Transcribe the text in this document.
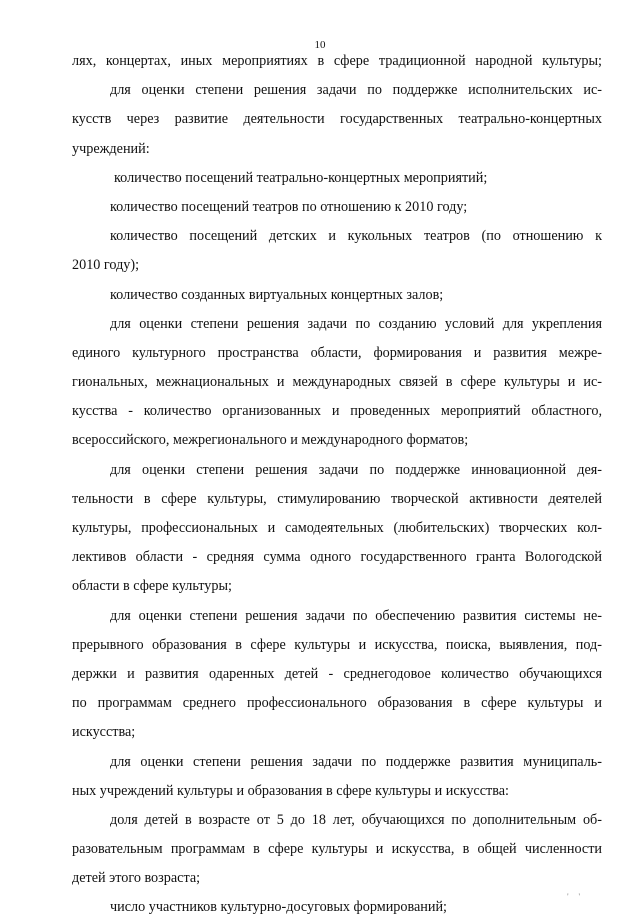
10
лях, концертах, иных мероприятиях в сфере традиционной народной культуры;
для оценки степени решения задачи по поддержке исполнительских ис-
кусств через развитие деятельности государственных театрально-концертных
учреждений:
количество посещений театрально-концертных мероприятий;
количество посещений театров по отношению к 2010 году;
количество посещений детских и кукольных театров (по отношению к
2010 году);
количество созданных виртуальных концертных залов;
для оценки степени решения задачи по созданию условий для укрепления
единого культурного пространства области, формирования и развития межре-
гиональных, межнациональных и международных связей в сфере культуры и ис-
кусства - количество организованных и проведенных мероприятий областного,
всероссийского, межрегионального и международного форматов;
для оценки степени решения задачи по поддержке инновационной дея-
тельности в сфере культуры, стимулированию творческой активности деятелей
культуры, профессиональных и самодеятельных (любительских) творческих кол-
лективов области - средняя сумма одного государственного гранта Вологодской
области в сфере культуры;
для оценки степени решения задачи по обеспечению развития системы не-
прерывного образования в сфере культуры и искусства, поиска, выявления, под-
держки и развития одаренных детей - среднегодовое количество обучающихся
по программам среднего профессионального образования в сфере культуры и
искусства;
для оценки степени решения задачи по поддержке развития муниципаль-
ных учреждений культуры и образования в сфере культуры и искусства:
доля детей в возрасте от 5 до 18 лет, обучающихся по дополнительным об-
разовательным программам в сфере культуры и искусства, в общей численности
детей этого возраста;
число участников культурно-досуговых формирований;
' '
